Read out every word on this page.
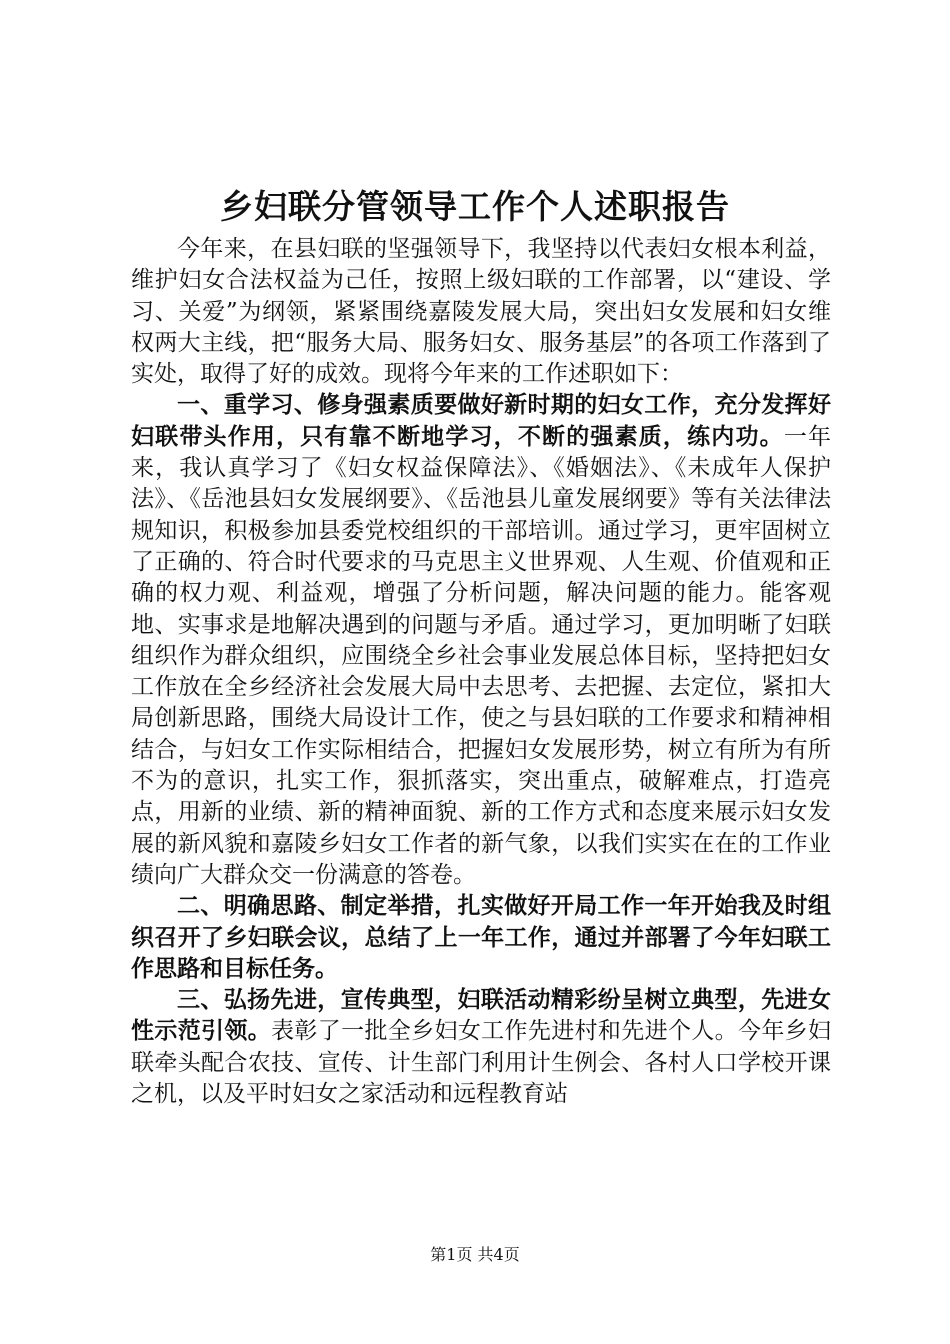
乡妇联分管领导工作个人述职报告

今年来，在县妇联的坚强领导下，我坚持以代表妇女根本利益，维护妇女合法权益为己任，按照上级妇联的工作部署，以“建设、学习、关爱”为纲领，紧紧围绕嘉陵发展大局，突出妇女发展和妇女维权两大主线，把“服务大局、服务妇女、服务基层”的各项工作落到了实处，取得了好的成效。现将今年来的工作述职如下：

一、重学习、修身强素质要做好新时期的妇女工作，充分发挥好妇联带头作用，只有靠不断地学习，不断的强素质，练内功。一年来，我认真学习了《妇女权益保障法》、《婚姻法》、《未成年人保护法》、《岳池县妇女发展纲要》、《岳池县儿童发展纲要》等有关法律法规知识，积极参加县委党校组织的干部培训。通过学习，更牢固树立了正确的、符合时代要求的马克思主义世界观、人生观、价值观和正确的权力观、利益观，增强了分析问题，解决问题的能力。能客观地、实事求是地解决遇到的问题与矛盾。通过学习，更加明晰了妇联组织作为群众组织，应围绕全乡社会事业发展总体目标，坚持把妇女工作放在全乡经济社会发展大局中去思考、去把握、去定位，紧扣大局创新思路，围绕大局设计工作，使之与县妇联的工作要求和精神相结合，与妇女工作实际相结合，把握妇女发展形势，树立有所为有所不为的意识，扎实工作，狠抓落实，突出重点，破解难点，打造亮点，用新的业绩、新的精神面貌、新的工作方式和态度来展示妇女发展的新风貌和嘉陵乡妇女工作者的新气象，以我们实实在在的工作业绩向广大群众交一份满意的答卷。

二、明确思路、制定举措，扎实做好开局工作一年开始我及时组织召开了乡妇联会议，总结了上一年工作，通过并部署了今年妇联工作思路和目标任务。

三、弘扬先进，宣传典型，妇联活动精彩纷呈树立典型，先进女性示范引领。表彰了一批全乡妇女工作先进村和先进个人。今年乡妇联牵头配合农技、宣传、计生部门利用计生例会、各村人口学校开课之机，以及平时妇女之家活动和远程教育站

第1页 共4页
